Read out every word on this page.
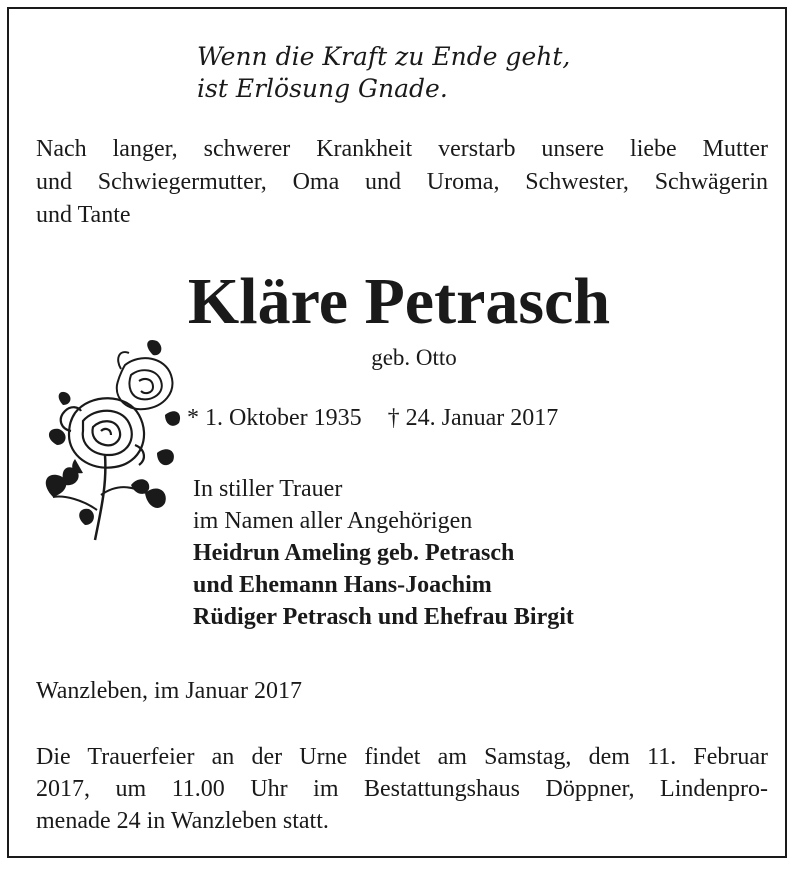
Wenn die Kraft zu Ende geht,
ist Erlösung Gnade.
Nach langer, schwerer Krankheit verstarb unsere liebe Mutter
und Schwiegermutter, Oma und Uroma, Schwester, Schwägerin
und Tante
Kläre Petrasch
geb. Otto
* 1. Oktober 1935 † 24. Januar 2017
In stiller Trauer
im Namen aller Angehörigen
Heidrun Ameling geb. Petrasch
und Ehemann Hans-Joachim
Rüdiger Petrasch und Ehefrau Birgit
Wanzleben, im Januar 2017
Die Trauerfeier an der Urne findet am Samstag, dem 11. Februar
2017, um 11.00 Uhr im Bestattungshaus Döppner, Lindenpro-
menade 24 in Wanzleben statt.
